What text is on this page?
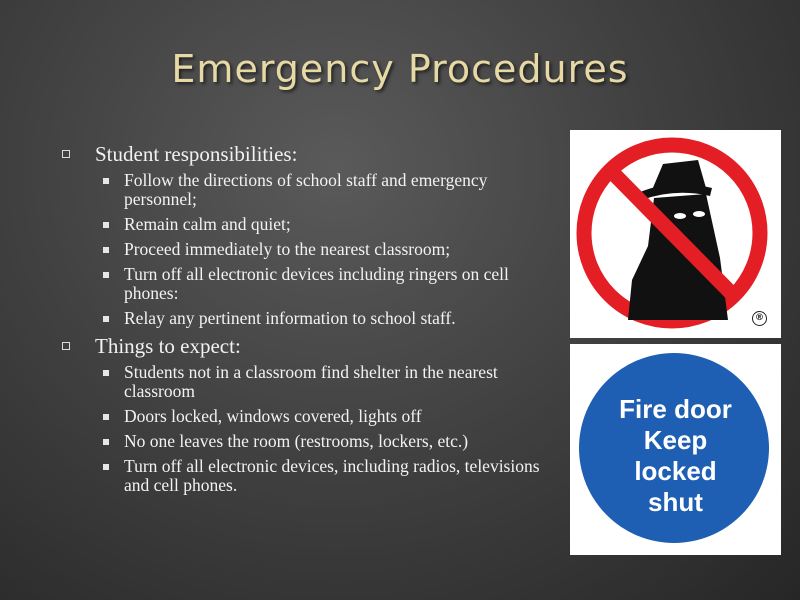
Emergency Procedures
Student responsibilities:
Follow the directions of school staff and emergency personnel;
Remain calm and quiet;
Proceed immediately to the nearest classroom;
Turn off all electronic devices including ringers on cell phones:
Relay any pertinent information to school staff.
Things to expect:
Students not in a classroom find shelter in the nearest classroom
Doors locked, windows covered, lights off
No one leaves the room (restrooms, lockers, etc.)
Turn off all electronic devices, including radios, televisions and cell phones.
®
Fire door
Keep
locked
shut
